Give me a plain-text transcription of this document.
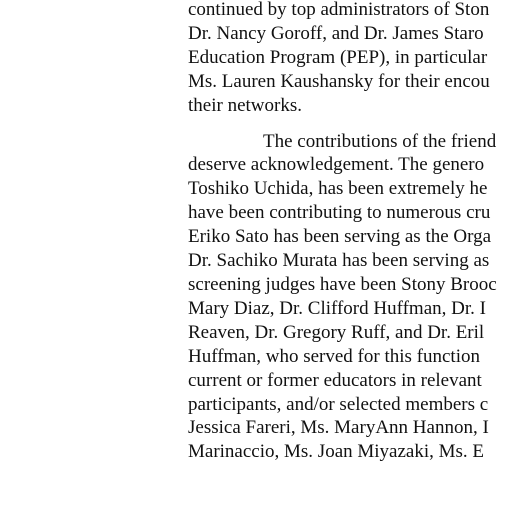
continued by top administrators of Ston
Dr. Nancy Goroff, and Dr. James Staro
Education Program (PEP), in particular
Ms. Lauren Kaushansky for their encou
their networks.
The contributions of the friend
deserve acknowledgement. The genero
Toshiko Uchida, has been extremely he
have been contributing to numerous cru
Eriko Sato has been serving as the Orga
Dr. Sachiko Murata has been serving as
screening judges have been Stony Brooc
Mary Diaz, Dr. Clifford Huffman, Dr. I
Reaven, Dr. Gregory Ruff, and Dr. Eril
Huffman, who served for this function
current or former educators in relevant
participants, and/or selected members c
Jessica Fareri, Ms. MaryAnn Hannon, I
Marinaccio, Ms. Joan Miyazaki, Ms. E
